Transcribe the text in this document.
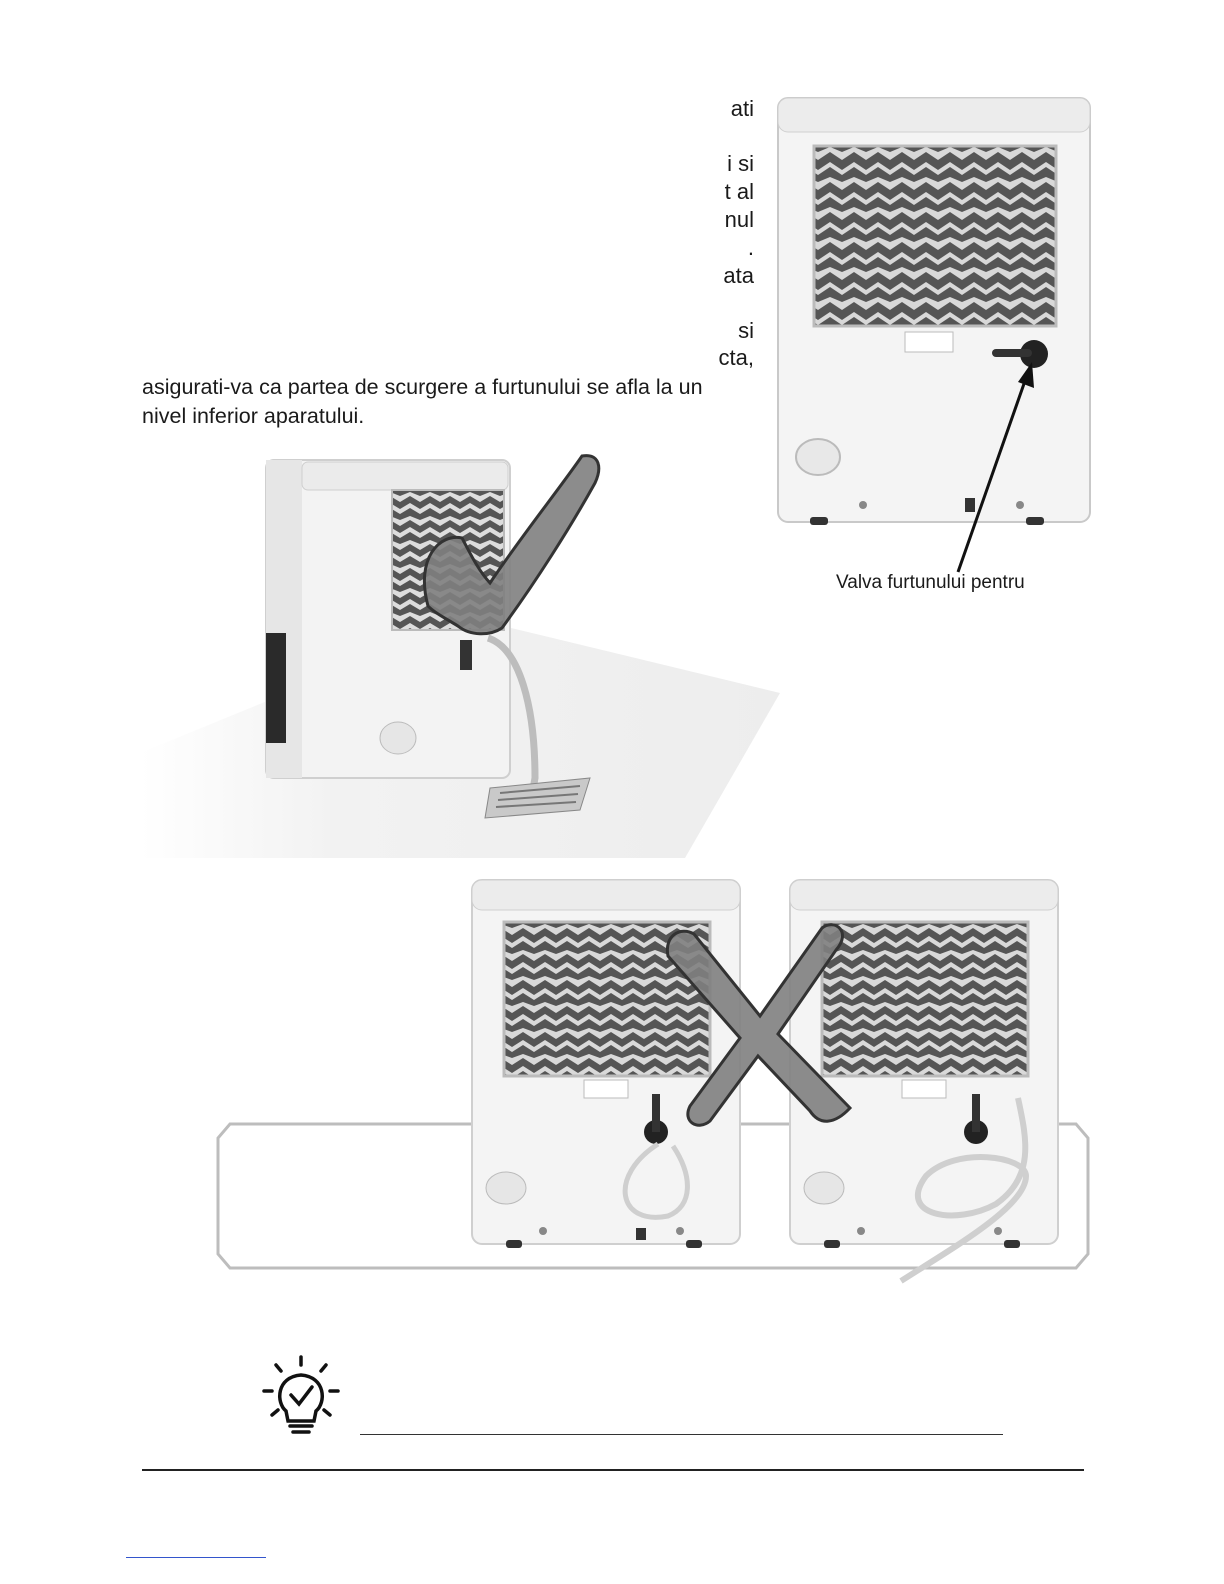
ati
i si
t al
nul
.
ata
si
cta,
asigurati-va ca partea de scurgere a furtunului se afla la un
nivel inferior aparatului.
Valva furtunului pentru
